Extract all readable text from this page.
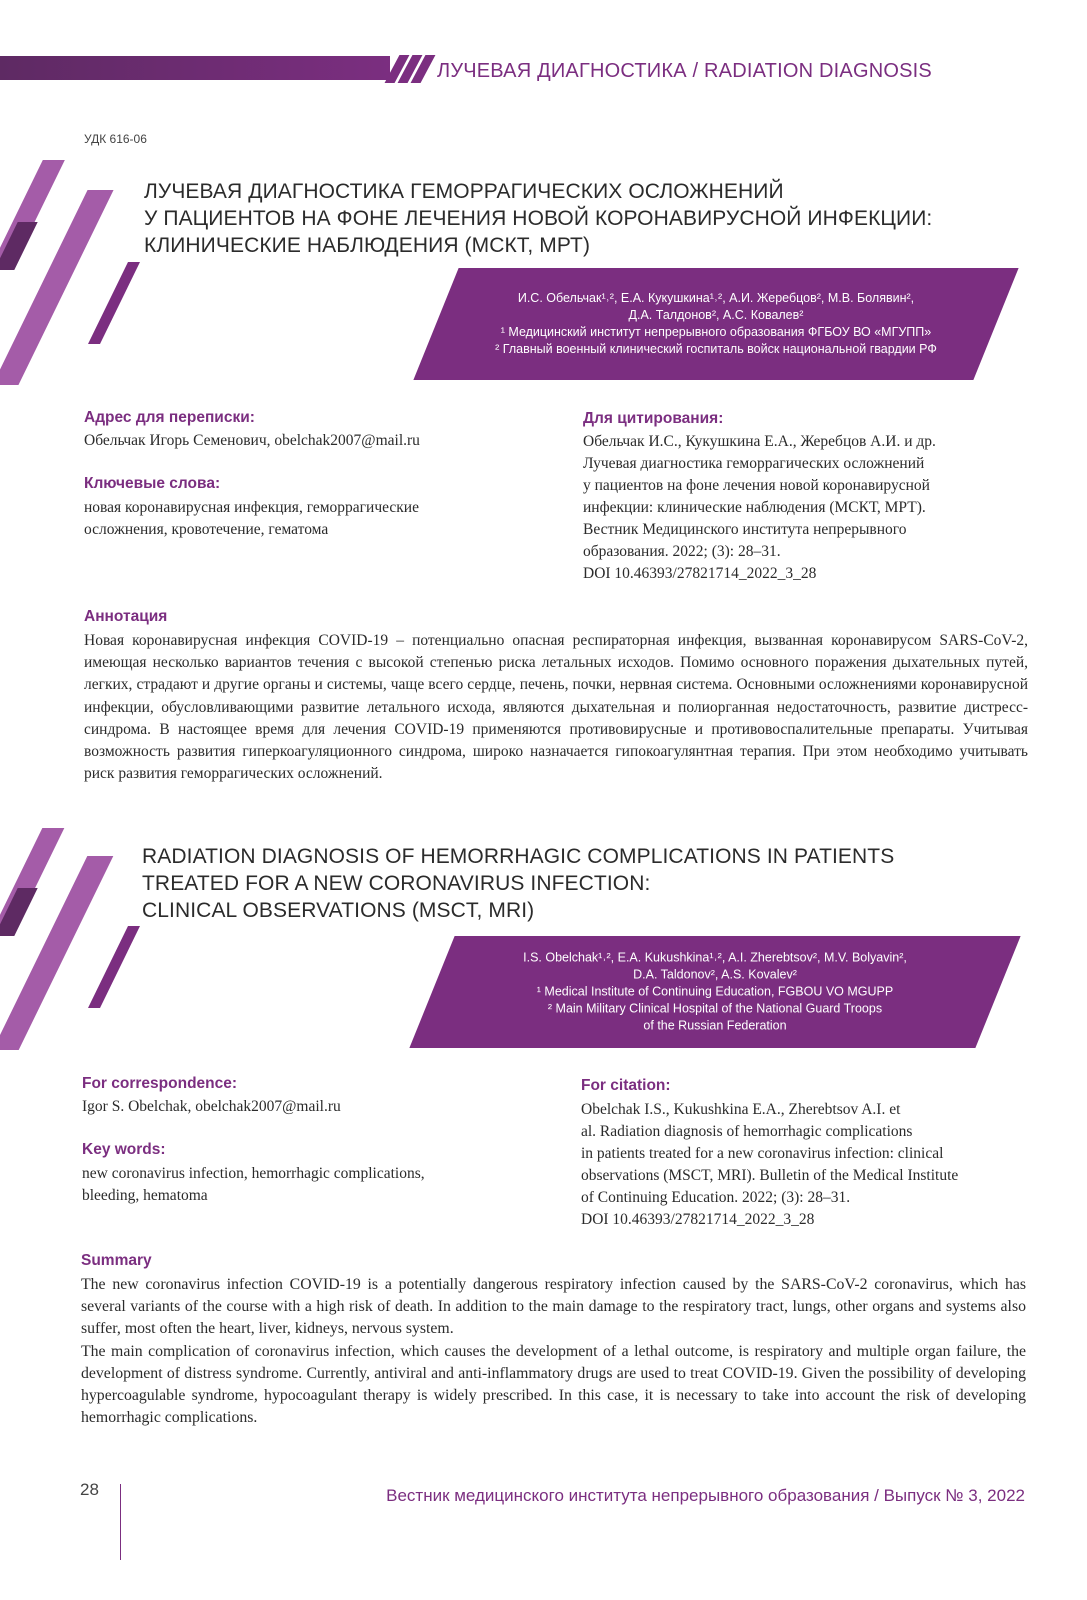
ЛУЧЕВАЯ ДИАГНОСТИКА / RADIATION DIAGNOSIS
УДК 616-06
ЛУЧЕВАЯ ДИАГНОСТИКА ГЕМОРРАГИЧЕСКИХ ОСЛОЖНЕНИЙ
У ПАЦИЕНТОВ НА ФОНЕ ЛЕЧЕНИЯ НОВОЙ КОРОНАВИРУСНОЙ ИНФЕКЦИИ:
КЛИНИЧЕСКИЕ НАБЛЮДЕНИЯ (МСКТ, МРТ)
И.С. Обельчак¹˒², Е.А. Кукушкина¹˒², А.И. Жеребцов², М.В. Болявин²,
Д.А. Талдонов², А.С. Ковалев²
¹ Медицинский институт непрерывного образования ФГБОУ ВО «МГУПП»
² Главный военный клинический госпиталь войск национальной гвардии РФ
Адрес для переписки:
Обельчак Игорь Семенович, obelchak2007@mail.ru
Ключевые слова:
новая коронавирусная инфекция, геморрагические
осложнения, кровотечение, гематома
Для цитирования:
Обельчак И.С., Кукушкина Е.А., Жеребцов А.И. и др.
Лучевая диагностика геморрагических осложнений
у пациентов на фоне лечения новой коронавирусной
инфекции: клинические наблюдения (МСКТ, МРТ).
Вестник Медицинского института непрерывного
образования. 2022; (3): 28–31.
DOI 10.46393/27821714_2022_3_28
Аннотация
Новая коронавирусная инфекция COVID-19 – потенциально опасная респираторная инфекция, вызванная коронавирусом SARS-CoV-2, имеющая несколько вариантов течения с высокой степенью риска летальных исходов. Помимо основного поражения дыхательных путей, легких, страдают и другие органы и системы, чаще всего сердце, печень, почки, нервная система. Основными осложнениями коронавирусной инфекции, обусловливающими развитие летального исхода, являются дыхательная и полиорганная недостаточность, развитие дистресс-синдрома. В настоящее время для лечения COVID-19 применяются противовирусные и противовоспалительные препараты. Учитывая возможность развития гиперкоагуляционного синдрома, широко назначается гипокоагулянтная терапия. При этом необходимо учитывать риск развития геморрагических осложнений.
RADIATION DIAGNOSIS OF HEMORRHAGIC COMPLICATIONS IN PATIENTS
TREATED FOR A NEW CORONAVIRUS INFECTION:
CLINICAL OBSERVATIONS (MSCT, MRI)
I.S. Obelchak¹˒², E.A. Kukushkina¹˒², A.I. Zherebtsov², M.V. Bolyavin²,
D.A. Taldonov², A.S. Kovalev²
¹ Medical Institute of Continuing Education, FGBOU VO MGUPP
² Main Military Clinical Hospital of the National Guard Troops
of the Russian Federation
For correspondence:
Igor S. Obelchak, obelchak2007@mail.ru
Key words:
new coronavirus infection, hemorrhagic complications,
bleeding, hematoma
For citation:
Obelchak I.S., Kukushkina E.A., Zherebtsov A.I. et
al. Radiation diagnosis of hemorrhagic complications
in patients treated for a new coronavirus infection: clinical
observations (MSCT, MRI). Bulletin of the Medical Institute
of Continuing Education. 2022; (3): 28–31.
DOI 10.46393/27821714_2022_3_28
Summary
The new coronavirus infection COVID-19 is a potentially dangerous respiratory infection caused by the SARS-CoV-2 coronavirus, which has several variants of the course with a high risk of death. In addition to the main damage to the respiratory tract, lungs, other organs and systems also suffer, most often the heart, liver, kidneys, nervous system.
The main complication of coronavirus infection, which causes the development of a lethal outcome, is respiratory and multiple organ failure, the development of distress syndrome. Currently, antiviral and anti-inflammatory drugs are used to treat COVID-19. Given the possibility of developing hypercoagulable syndrome, hypocoagulant therapy is widely prescribed. In this case, it is necessary to take into account the risk of developing hemorrhagic complications.
28	Вестник медицинского института непрерывного образования / Выпуск № 3, 2022
